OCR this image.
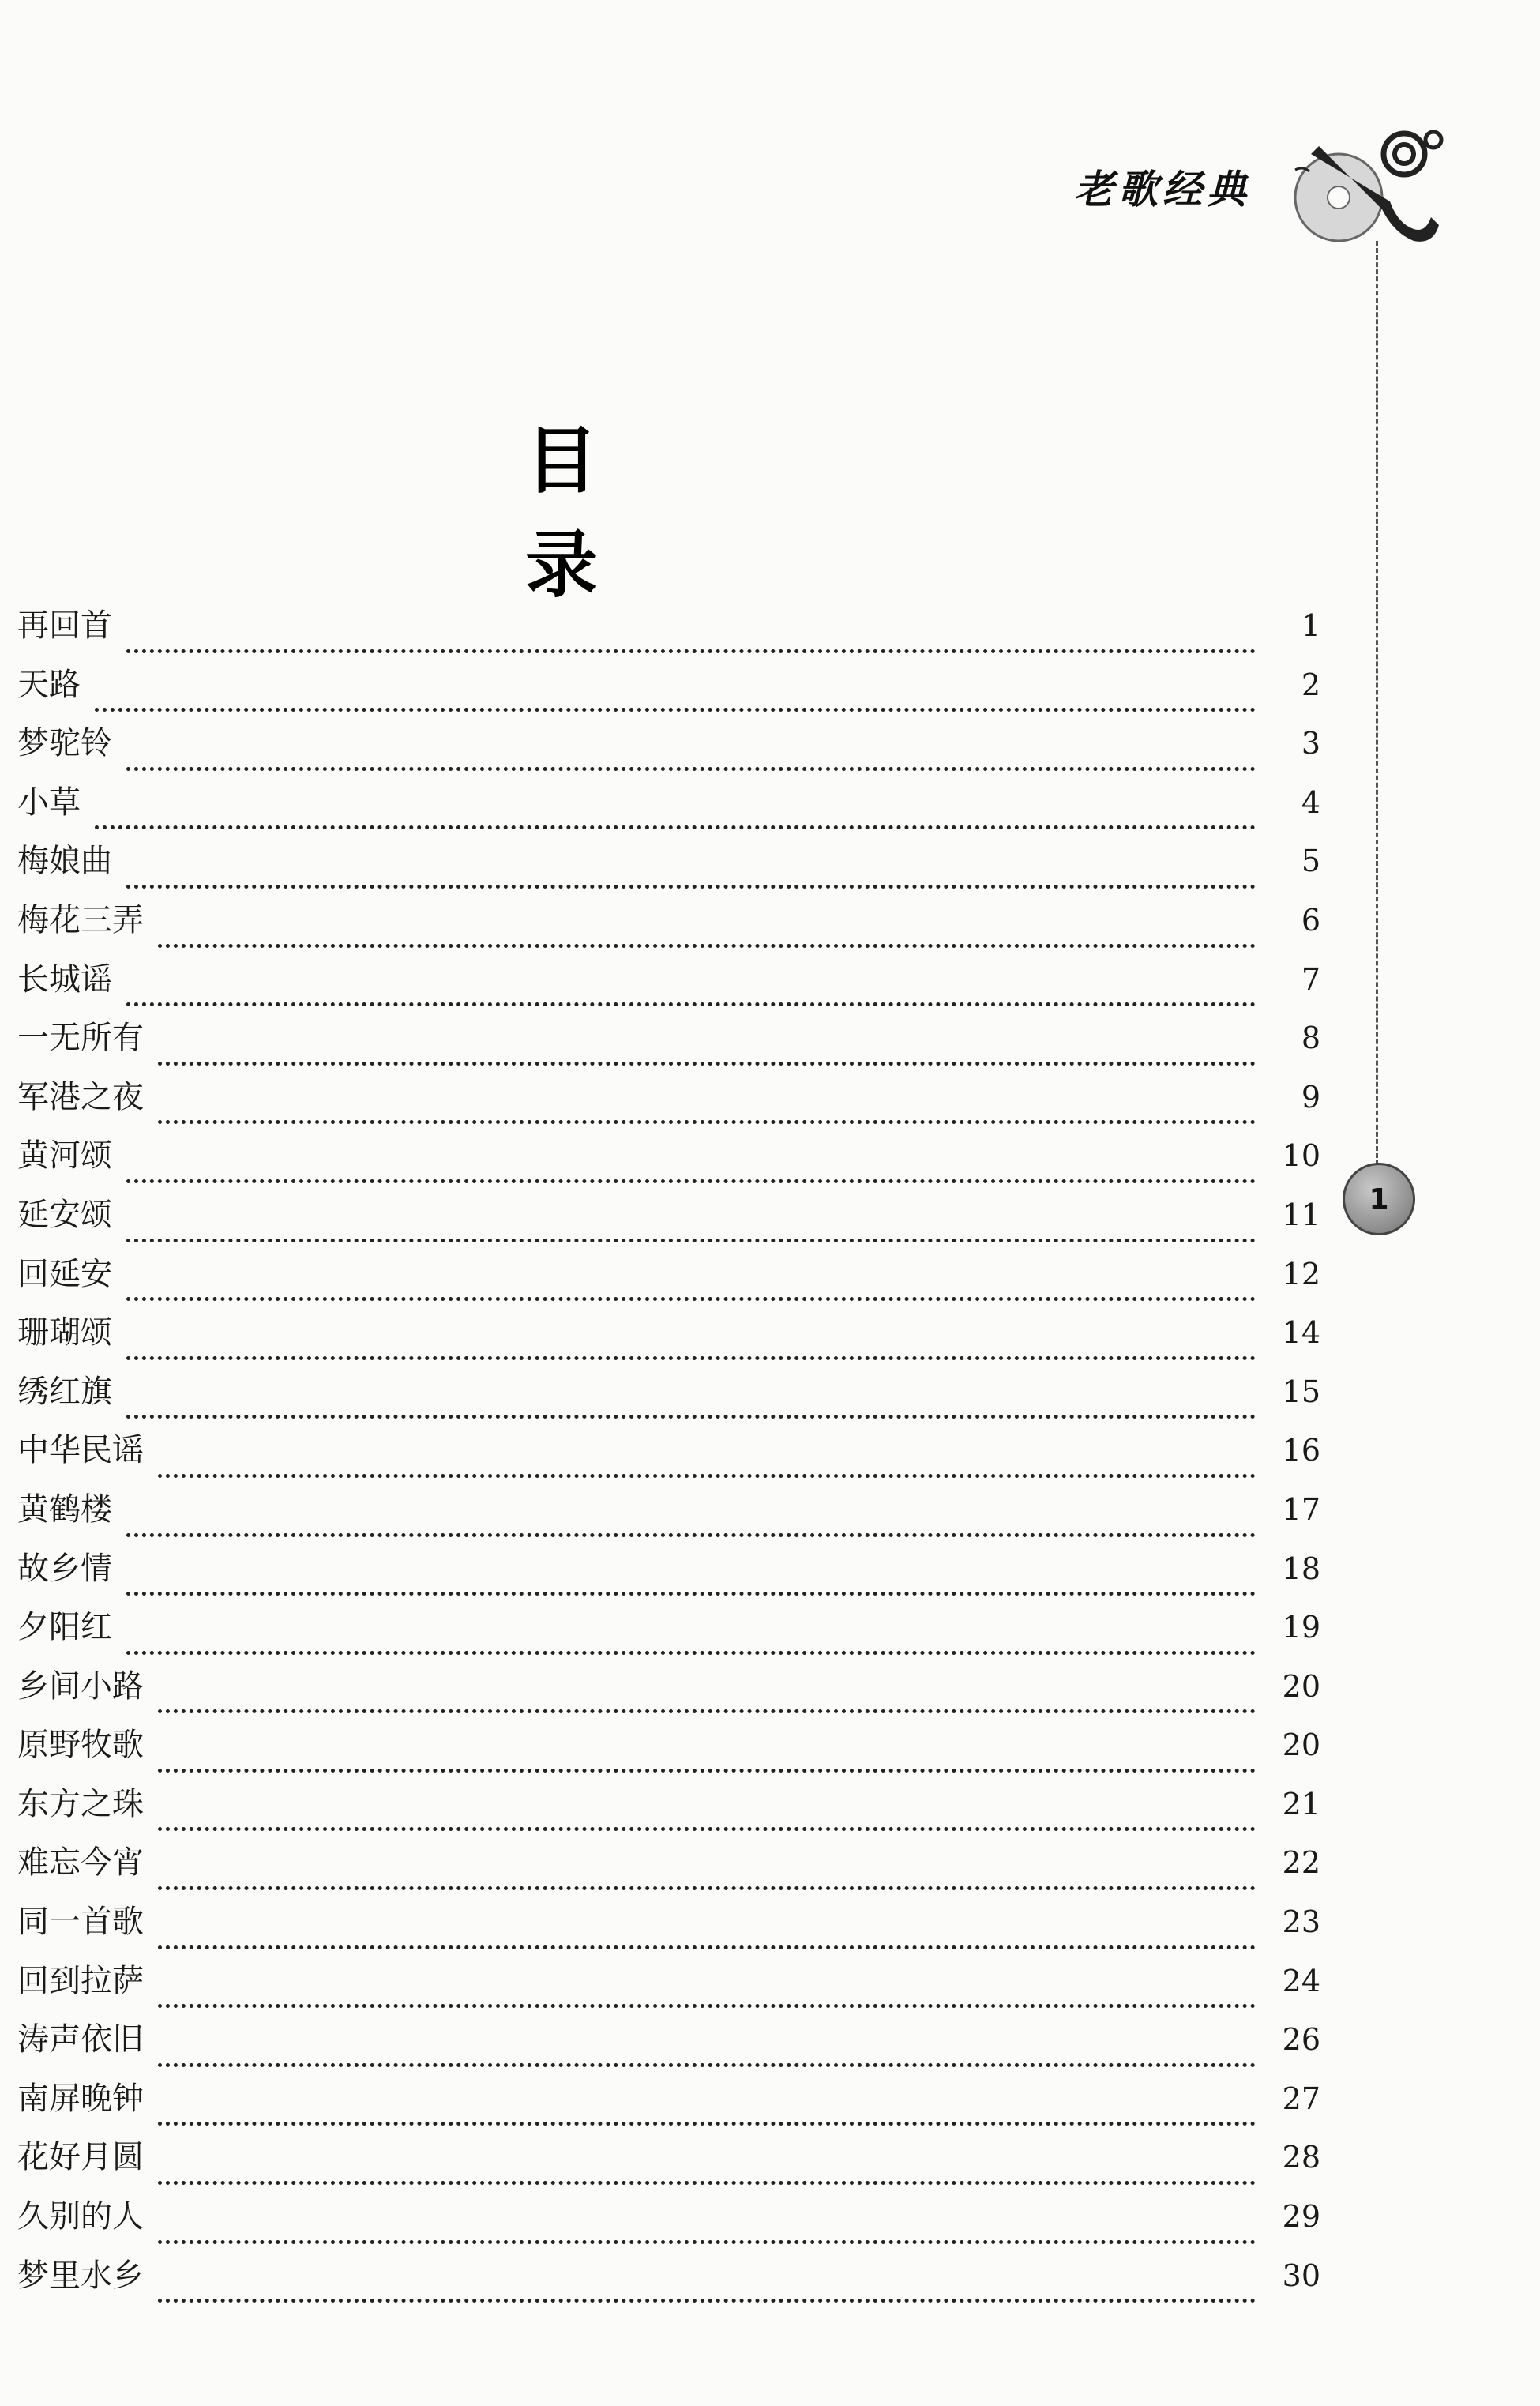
老歌经典
1
目录
再回首	1
天路	2
梦驼铃	3
小草	4
梅娘曲	5
梅花三弄	6
长城谣	7
一无所有	8
军港之夜	9
黄河颂	10
延安颂	11
回延安	12
珊瑚颂	14
绣红旗	15
中华民谣	16
黄鹤楼	17
故乡情	18
夕阳红	19
乡间小路	20
原野牧歌	20
东方之珠	21
难忘今宵	22
同一首歌	23
回到拉萨	24
涛声依旧	26
南屏晚钟	27
花好月圆	28
久别的人	29
梦里水乡	30
